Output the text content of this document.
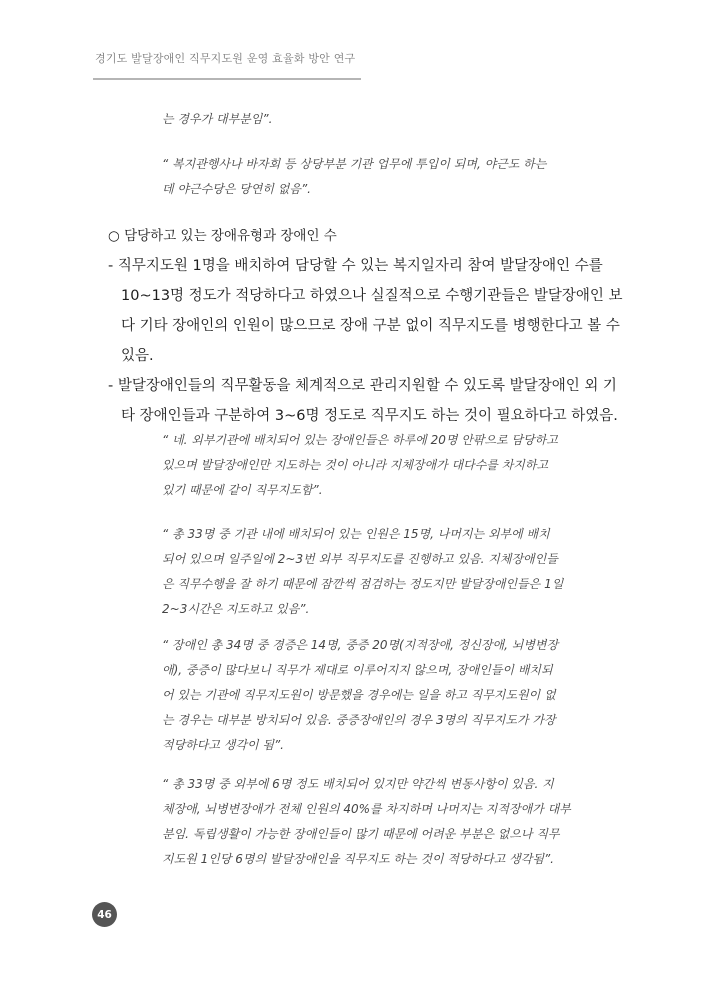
경기도 발달장애인 직무지도원 운영 효율화 방안 연구

는 경우가 대부분임”.

“ 복지관행사나 바자회 등 상당부분 기관 업무에 투입이 되며, 야근도 하는

데 야근수당은 당연히 없음”.

○ 담당하고 있는 장애유형과 장애인 수

- 직무지도원 1명을 배치하여 담당할 수 있는 복지일자리 참여 발달장애인 수를

10~13명 정도가 적당하다고 하였으나 실질적으로 수행기관들은 발달장애인 보

다 기타 장애인의 인원이 많으므로 장애 구분 없이 직무지도를 병행한다고 볼 수

있음.

- 발달장애인들의 직무활동을 체계적으로 관리지원할 수 있도록 발달장애인 외 기

타 장애인들과 구분하여 3~6명 정도로 직무지도 하는 것이 필요하다고 하였음.

“ 네. 외부기관에 배치되어 있는 장애인들은 하루에 20명 안팎으로 담당하고

있으며 발달장애인만 지도하는 것이 아니라 지체장애가 대다수를 차지하고

있기 때문에 같이 직무지도함”.

“ 총 33명 중 기관 내에 배치되어 있는 인원은 15명, 나머지는 외부에 배치

되어 있으며 일주일에 2~3번 외부 직무지도를 진행하고 있음. 지체장애인들

은 직무수행을 잘 하기 때문에 잠깐씩 점검하는 정도지만 발달장애인들은 1일

2~3시간은 지도하고 있음”.

“ 장애인 총 34명 중 경증은 14명, 중증 20명(지적장애, 정신장애, 뇌병변장

애), 중증이 많다보니 직무가 제대로 이루어지지 않으며, 장애인들이 배치되

어 있는 기관에 직무지도원이 방문했을 경우에는 일을 하고 직무지도원이 없

는 경우는 대부분 방치되어 있음. 중증장애인의 경우 3명의 직무지도가 가장

적당하다고 생각이 됨”.

“ 총 33명 중 외부에 6명 정도 배치되어 있지만 약간씩 변동사항이 있음. 지

체장애, 뇌병변장애가 전체 인원의 40%를 차지하며 나머지는 지적장애가 대부

분임. 독립생활이 가능한 장애인들이 많기 때문에 어려운 부분은 없으나 직무

지도원 1인당 6명의 발달장애인을 직무지도 하는 것이 적당하다고 생각됨”.

46
